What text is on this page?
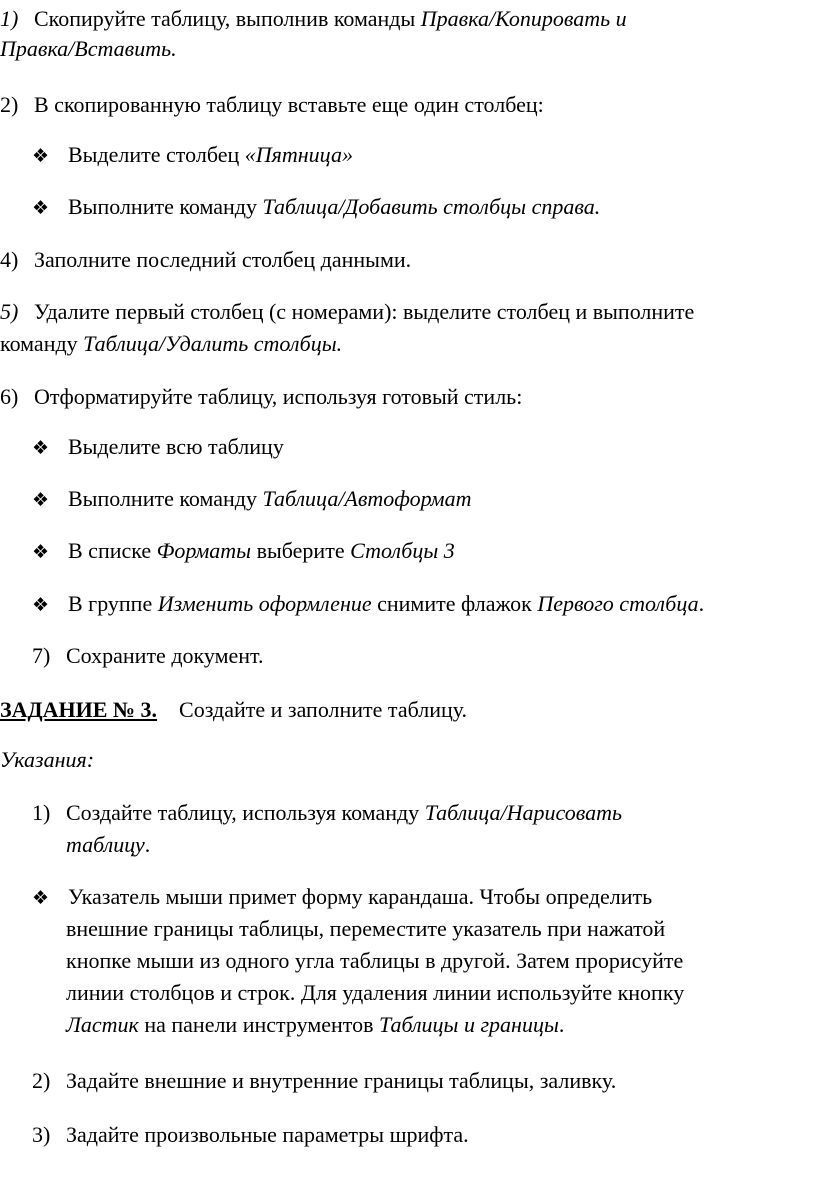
1) Скопируйте таблицу, выполнив команды Правка/Копировать и
Правка/Вставить.
2) В скопированную таблицу вставьте еще один столбец:
❖ Выделите столбец «Пятница»
❖ Выполните команду Таблица/Добавить столбцы справа.
4) Заполните последний столбец данными.
5) Удалите первый столбец (с номерами): выделите столбец и выполните
команду Таблица/Удалить столбцы.
6) Отформатируйте таблицу, используя готовый стиль:
❖ Выделите всю таблицу
❖ Выполните команду Таблица/Автоформат
❖ В списке Форматы выберите Столбцы 3
❖ В группе Изменить оформление снимите флажок Первого столбца.
7) Сохраните документ.
ЗАДАНИЕ № 3. Создайте и заполните таблицу.
Указания:
1) Создайте таблицу, используя команду Таблица/Нарисовать
таблицу.
❖ Указатель мыши примет форму карандаша. Чтобы определить
внешние границы таблицы, переместите указатель при нажатой
кнопке мыши из одного угла таблицы в другой. Затем прорисуйте
линии столбцов и строк. Для удаления линии используйте кнопку
Ластик на панели инструментов Таблицы и границы.
2) Задайте внешние и внутренние границы таблицы, заливку.
3) Задайте произвольные параметры шрифта.
